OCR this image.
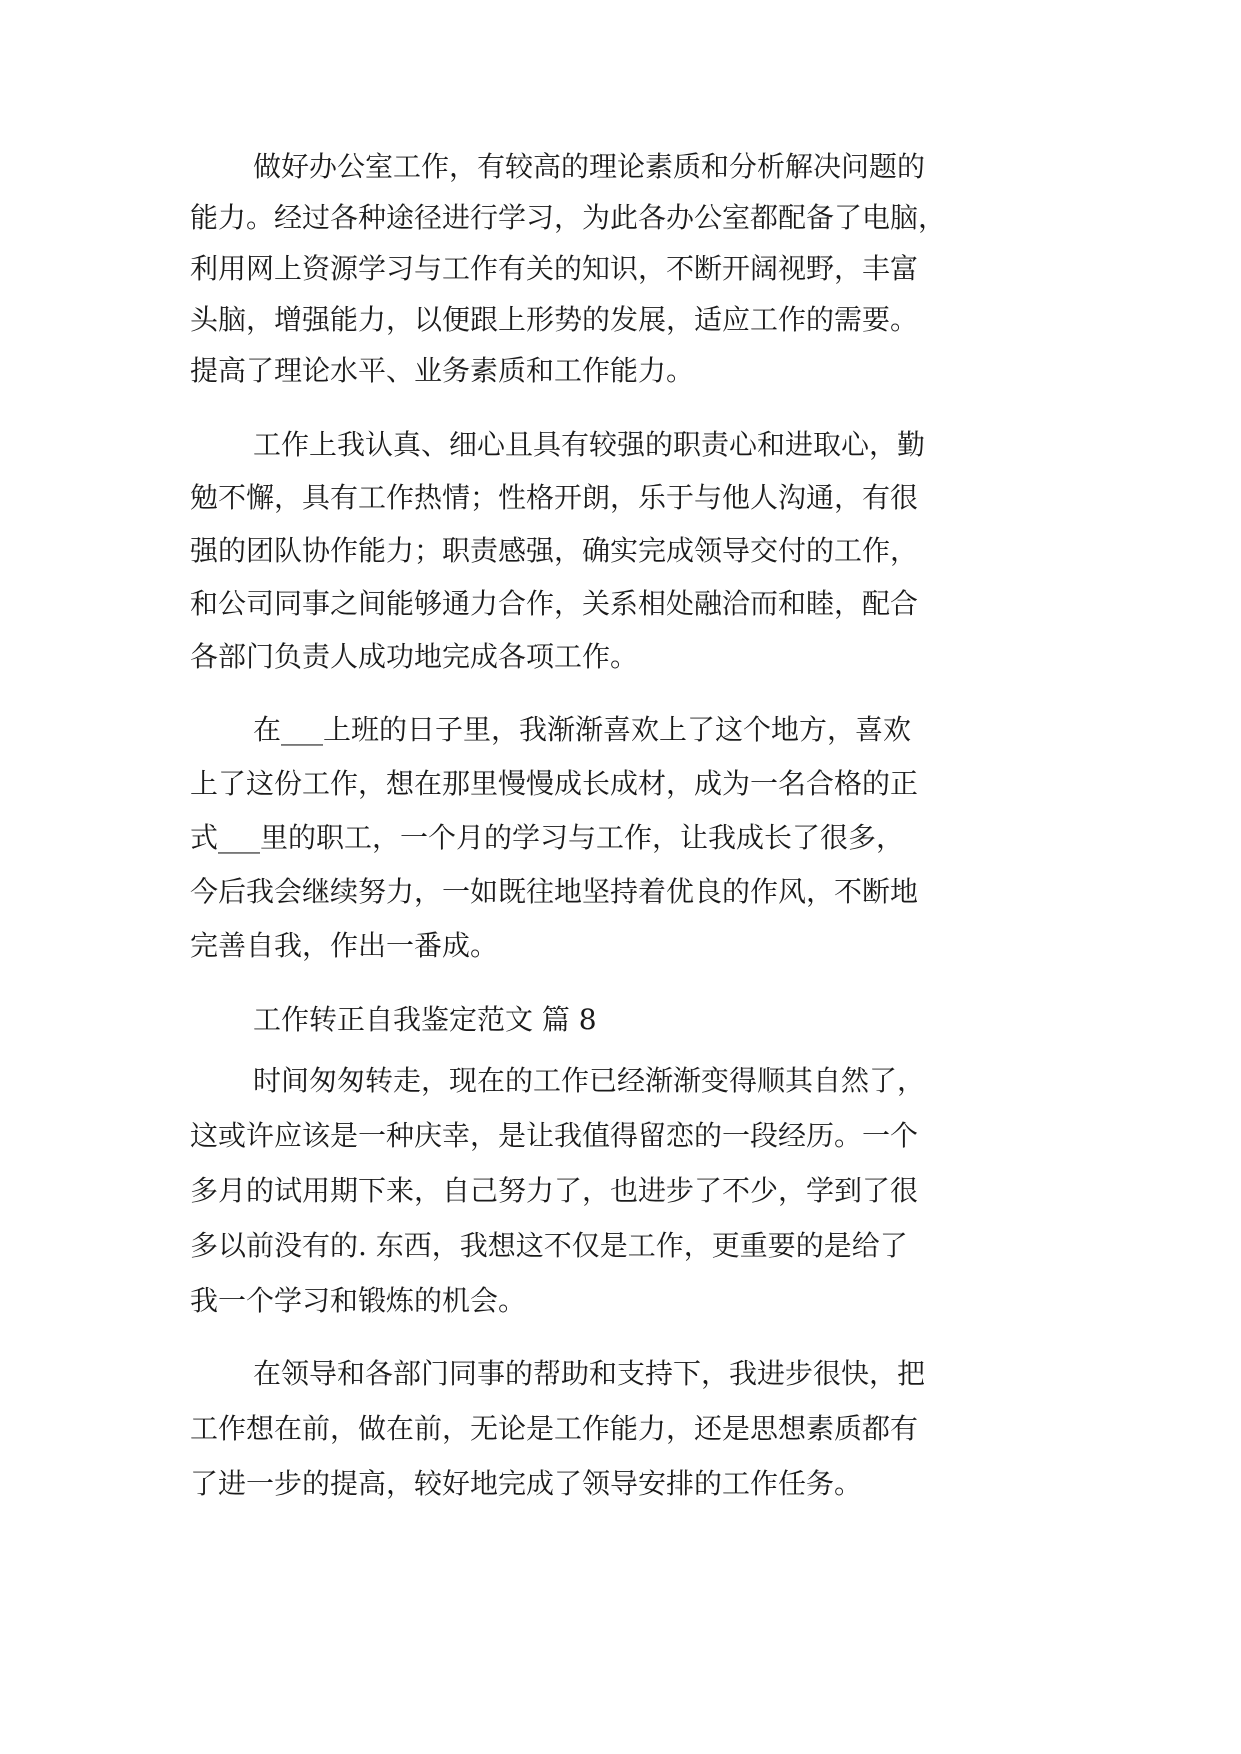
做好办公室工作，有较高的理论素质和分析解决问题的
能力。经过各种途径进行学习，为此各办公室都配备了电脑，
利用网上资源学习与工作有关的知识，不断开阔视野，丰富
头脑，增强能力，以便跟上形势的发展，适应工作的需要。
提高了理论水平、业务素质和工作能力。
工作上我认真、细心且具有较强的职责心和进取心，勤
勉不懈，具有工作热情；性格开朗，乐于与他人沟通，有很
强的团队协作能力；职责感强，确实完成领导交付的工作，
和公司同事之间能够通力合作，关系相处融洽而和睦，配合
各部门负责人成功地完成各项工作。
在___上班的日子里，我渐渐喜欢上了这个地方，喜欢
上了这份工作，想在那里慢慢成长成材，成为一名合格的正
式___里的职工，一个月的学习与工作，让我成长了很多，
今后我会继续努力，一如既往地坚持着优良的作风，不断地
完善自我，作出一番成。
工作转正自我鉴定范文 篇 8
时间匆匆转走，现在的工作已经渐渐变得顺其自然了，
这或许应该是一种庆幸，是让我值得留恋的一段经历。一个
多月的试用期下来，自己努力了，也进步了不少，学到了很
多以前没有的. 东西，我想这不仅是工作，更重要的是给了
我一个学习和锻炼的机会。
在领导和各部门同事的帮助和支持下，我进步很快，把
工作想在前，做在前，无论是工作能力，还是思想素质都有
了进一步的提高，较好地完成了领导安排的工作任务。
